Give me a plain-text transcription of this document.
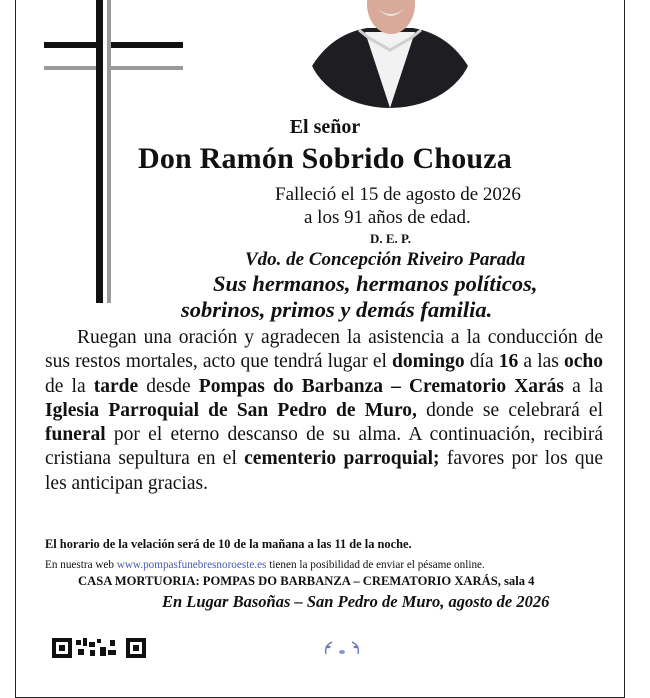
El señor
Don Ramón Sobrido Chouza
Falleció el 15 de agosto de 2026
a los 91 años de edad.
D. E. P.
Vdo. de Concepción Riveiro Parada
Sus hermanos, hermanos políticos,
sobrinos, primos y demás familia.

Ruegan una oración y agradecen la asistencia a la conducción de sus restos mortales, acto que tendrá lugar el domingo día 16 a las ocho de la tarde desde Pompas do Barbanza – Crematorio Xarás a la Iglesia Parroquial de San Pedro de Muro, donde se celebrará el funeral por el eterno descanso de su alma. A continuación, recibirá cristiana sepultura en el cementerio parroquial; favores por los que les anticipan gracias.

El horario de la velación será de 10 de la mañana a las 11 de la noche.
En nuestra web www.pompasfunebresnoroeste.es tienen la posibilidad de enviar el pésame online.
CASA MORTUORIA: POMPAS DO BARBANZA – CREMATORIO XARÁS, sala 4
En Lugar Basoñas – San Pedro de Muro, agosto de 2026
